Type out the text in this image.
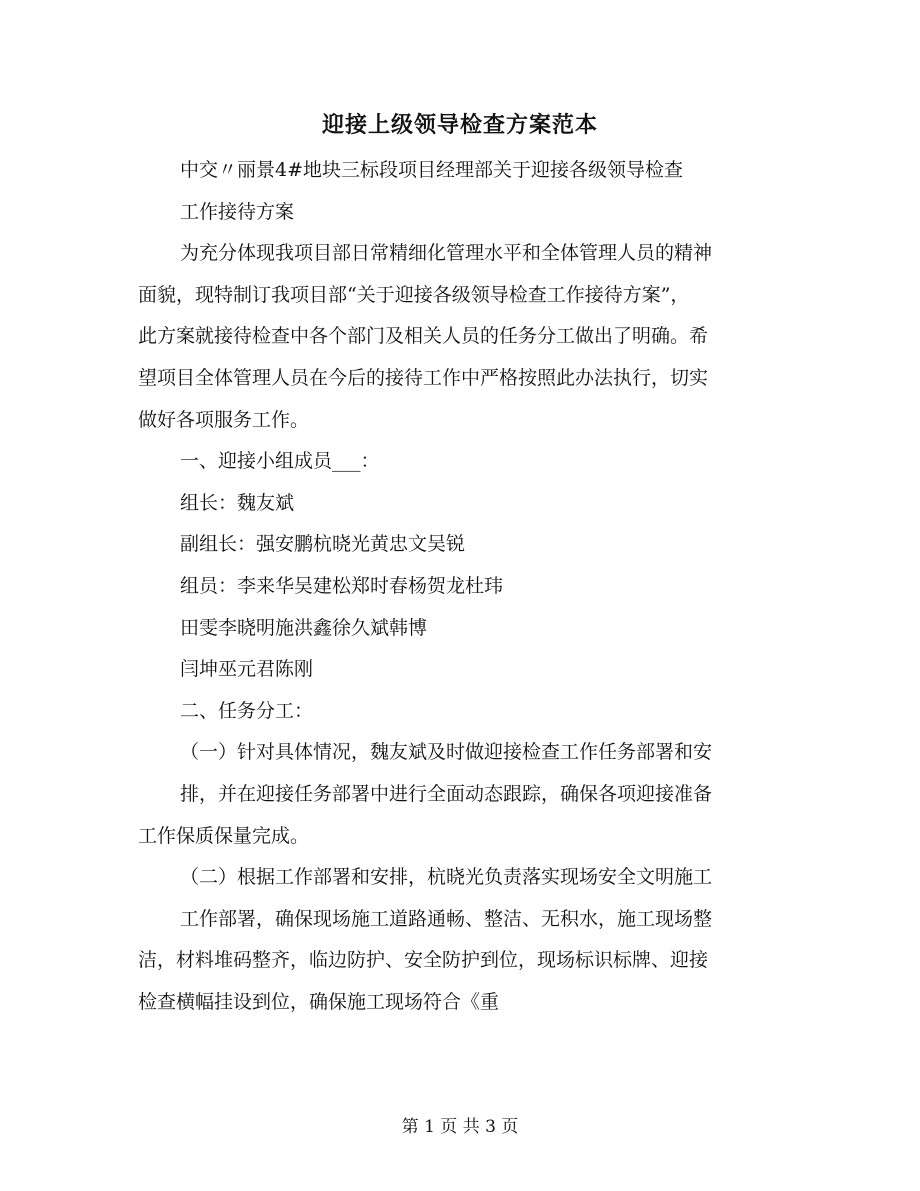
迎接上级领导检查方案范本
中交〃丽景4#地块三标段项目经理部关于迎接各级领导检查
工作接待方案
为充分体现我项目部日常精细化管理水平和全体管理人员的精神
面貌，现特制订我项目部“关于迎接各级领导检查工作接待方案”，
此方案就接待检查中各个部门及相关人员的任务分工做出了明确。希
望项目全体管理人员在今后的接待工作中严格按照此办法执行，切实
做好各项服务工作。
一、迎接小组成员___：
组长：魏友斌
副组长：强安鹏杭晓光黄忠文吴锐
组员：李来华吴建松郑时春杨贺龙杜玮
田雯李晓明施洪鑫徐久斌韩博
闫坤巫元君陈刚
二、任务分工：
（一）针对具体情况，魏友斌及时做迎接检查工作任务部署和安
排，并在迎接任务部署中进行全面动态跟踪，确保各项迎接准备
工作保质保量完成。
（二）根据工作部署和安排，杭晓光负责落实现场安全文明施工
工作部署，确保现场施工道路通畅、整洁、无积水，施工现场整
洁，材料堆码整齐，临边防护、安全防护到位，现场标识标牌、迎接
检查横幅挂设到位，确保施工现场符合《重
第 1 页 共 3 页
